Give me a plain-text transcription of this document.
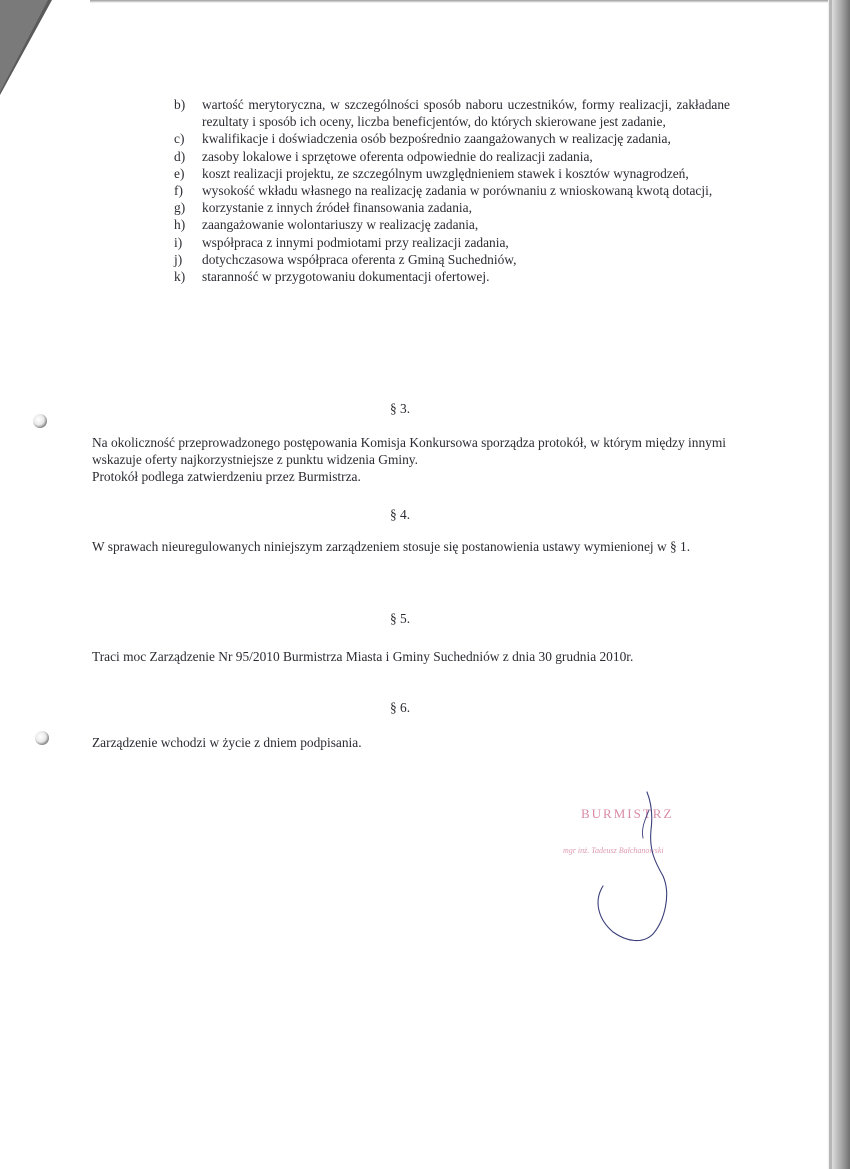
b) wartość merytoryczna, w szczególności sposób naboru uczestników, formy realizacji, zakładane rezultaty i sposób ich oceny, liczba beneficjentów, do których skierowane jest zadanie,
c) kwalifikacje i doświadczenia osób bezpośrednio zaangażowanych w realizację zadania,
d) zasoby lokalowe i sprzętowe oferenta odpowiednie do realizacji zadania,
e) koszt realizacji projektu, ze szczególnym uwzględnieniem stawek i kosztów wynagrodzeń,
f) wysokość wkładu własnego na realizację zadania w porównaniu z wnioskowaną kwotą dotacji,
g) korzystanie z innych źródeł finansowania zadania,
h) zaangażowanie wolontariuszy w realizację zadania,
i) współpraca z innymi podmiotami przy realizacji zadania,
j) dotychczasowa współpraca oferenta z Gminą Suchedniów,
k) staranność w przygotowaniu dokumentacji ofertowej.
§ 3.
Na okoliczność przeprowadzonego postępowania Komisja Konkursowa sporządza protokół, w którym między innymi wskazuje oferty najkorzystniejsze z punktu widzenia Gminy.
Protokół podlega zatwierdzeniu przez Burmistrza.
§ 4.

W sprawach nieuregulowanych niniejszym zarządzeniem stosuje się postanowienia ustawy wymienionej w § 1.

§ 5.

Traci moc Zarządzenie Nr 95/2010 Burmistrza Miasta i Gminy Suchedniów z dnia 30 grudnia 2010r.

§ 6.

Zarządzenie wchodzi w życie z dniem podpisania.

BURMISTRZ
mgr inż. Tadeusz Bałchanowski
